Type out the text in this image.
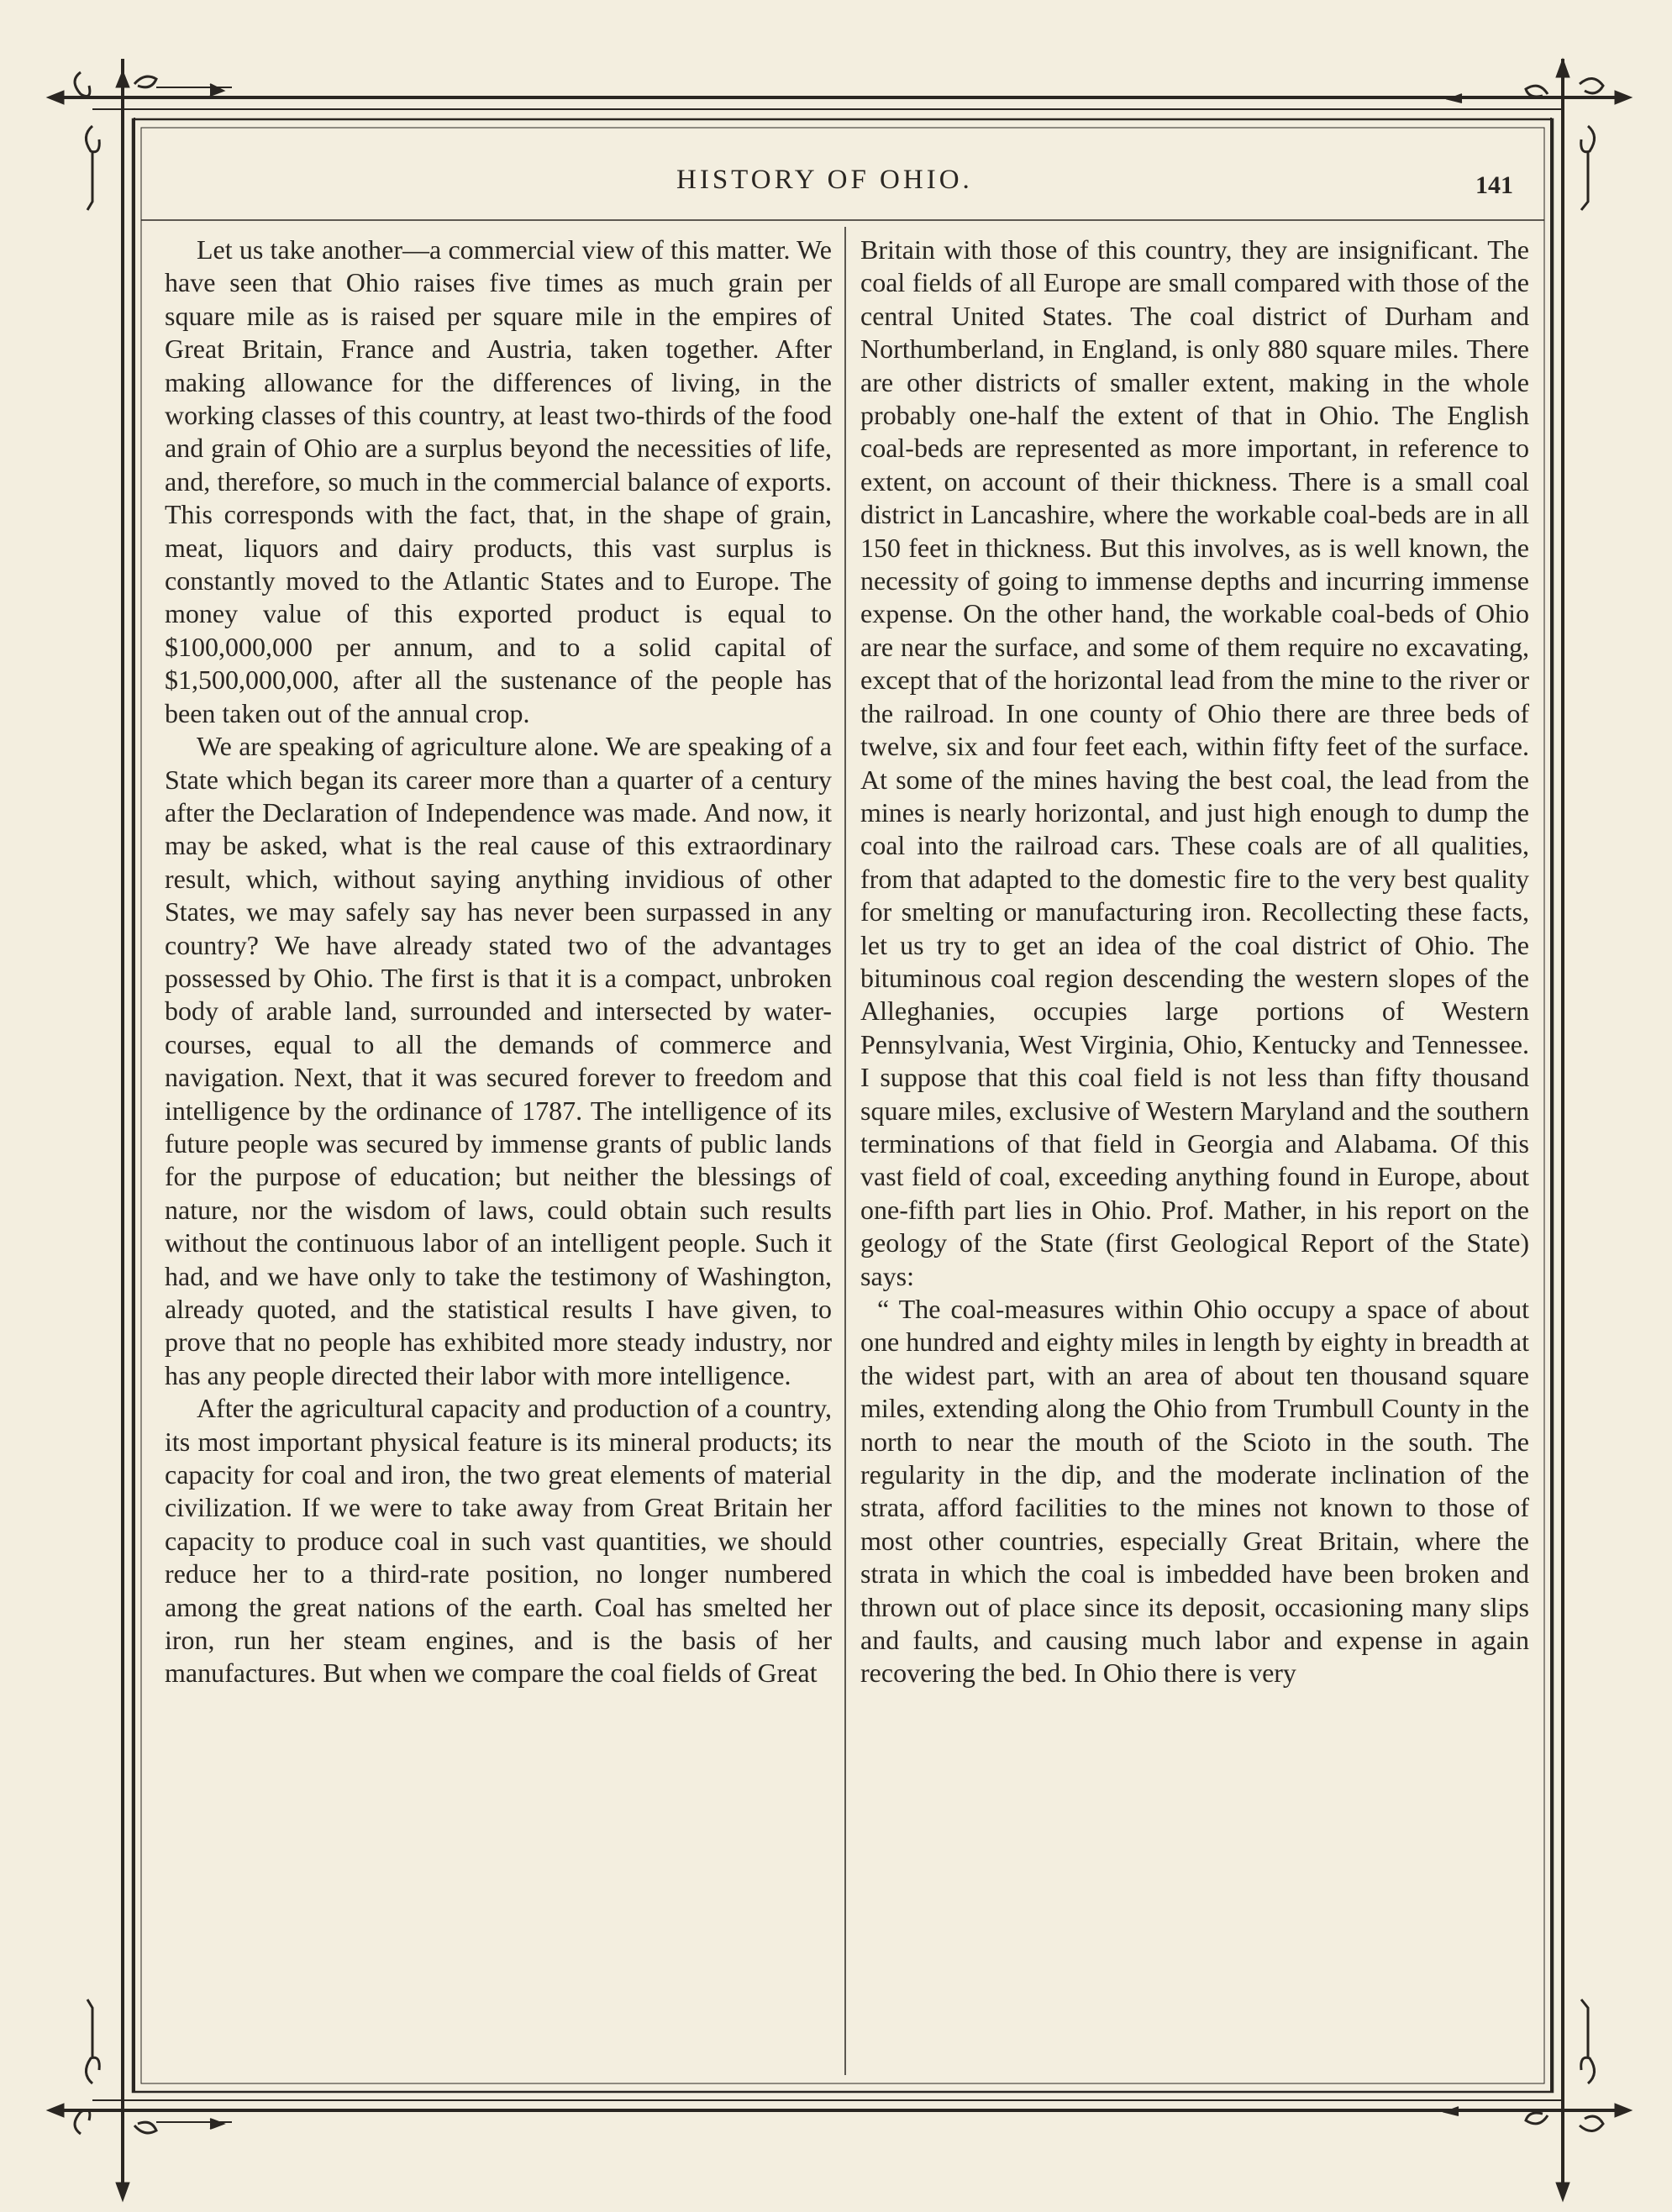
HISTORY OF OHIO.	141

Let us take another—a commercial view of this matter. We have seen that Ohio raises five times as much grain per square mile as is raised per square mile in the empires of Great Britain, France and Austria, taken together. After making allowance for the differences of living, in the working classes of this country, at least two-thirds of the food and grain of Ohio are a surplus beyond the necessities of life, and, therefore, so much in the commercial balance of exports. This corresponds with the fact, that, in the shape of grain, meat, liquors and dairy products, this vast surplus is constantly moved to the Atlantic States and to Europe. The money value of this exported product is equal to $100,000,000 per annum, and to a solid capital of $1,500,000,000, after all the sustenance of the people has been taken out of the annual crop.

We are speaking of agriculture alone. We are speaking of a State which began its career more than a quarter of a century after the Declaration of Independence was made. And now, it may be asked, what is the real cause of this extraordinary result, which, without saying anything invidious of other States, we may safely say has never been surpassed in any country? We have already stated two of the advantages possessed by Ohio. The first is that it is a compact, unbroken body of arable land, surrounded and intersected by water-courses, equal to all the demands of commerce and navigation. Next, that it was secured forever to freedom and intelligence by the ordinance of 1787. The intelligence of its future people was secured by immense grants of public lands for the purpose of education; but neither the blessings of nature, nor the wisdom of laws, could obtain such results without the continuous labor of an intelligent people. Such it had, and we have only to take the testimony of Washington, already quoted, and the statistical results I have given, to prove that no people has exhibited more steady industry, nor has any people directed their labor with more intelligence.

After the agricultural capacity and production of a country, its most important physical feature is its mineral products; its capacity for coal and iron, the two great elements of material civilization. If we were to take away from Great Britain her capacity to produce coal in such vast quantities, we should reduce her to a third-rate position, no longer numbered among the great nations of the earth. Coal has smelted her iron, run her steam engines, and is the basis of her manufactures. But when we compare the coal fields of Great

Britain with those of this country, they are insignificant. The coal fields of all Europe are small compared with those of the central United States. The coal district of Durham and Northumberland, in England, is only 880 square miles. There are other districts of smaller extent, making in the whole probably one-half the extent of that in Ohio. The English coal-beds are represented as more important, in reference to extent, on account of their thickness. There is a small coal district in Lancashire, where the workable coal-beds are in all 150 feet in thickness. But this involves, as is well known, the necessity of going to immense depths and incurring immense expense. On the other hand, the workable coal-beds of Ohio are near the surface, and some of them require no excavating, except that of the horizontal lead from the mine to the river or the railroad. In one county of Ohio there are three beds of twelve, six and four feet each, within fifty feet of the surface. At some of the mines having the best coal, the lead from the mines is nearly horizontal, and just high enough to dump the coal into the railroad cars. These coals are of all qualities, from that adapted to the domestic fire to the very best quality for smelting or manufacturing iron. Recollecting these facts, let us try to get an idea of the coal district of Ohio. The bituminous coal region descending the western slopes of the Alleghanies, occupies large portions of Western Pennsylvania, West Virginia, Ohio, Kentucky and Tennessee. I suppose that this coal field is not less than fifty thousand square miles, exclusive of Western Maryland and the southern terminations of that field in Georgia and Alabama. Of this vast field of coal, exceeding anything found in Europe, about one-fifth part lies in Ohio. Prof. Mather, in his report on the geology of the State (first Geological Report of the State) says:

“ The coal-measures within Ohio occupy a space of about one hundred and eighty miles in length by eighty in breadth at the widest part, with an area of about ten thousand square miles, extending along the Ohio from Trumbull County in the north to near the mouth of the Scioto in the south. The regularity in the dip, and the moderate inclination of the strata, afford facilities to the mines not known to those of most other countries, especially Great Britain, where the strata in which the coal is imbedded have been broken and thrown out of place since its deposit, occasioning many slips and faults, and causing much labor and expense in again recovering the bed. In Ohio there is very
